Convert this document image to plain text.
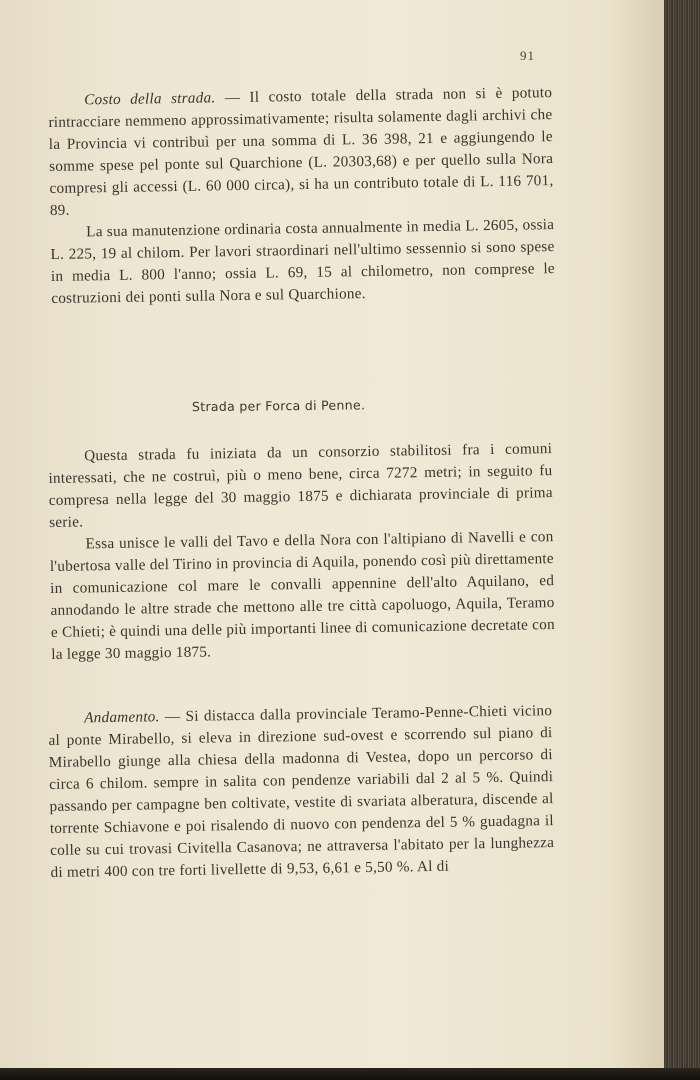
91

Costo della strada. — Il costo totale della strada non si è potuto rintracciare nemmeno approssimativamente; risulta solamente dagli archivi che la Provincia vi contribuì per una somma di L. 36 398, 21 e aggiungendo le somme spese pel ponte sul Quarchione (L. 20303,68) e per quello sulla Nora compresi gli accessi (L. 60 000 circa), si ha un contributo totale di L. 116 701, 89.

La sua manutenzione ordinaria costa annualmente in media L. 2605, ossia L. 225, 19 al chilom. Per lavori straordinari nell'ultimo sessennio si sono spese in media L. 800 l'anno; ossia L. 69, 15 al chilometro, non comprese le costruzioni dei ponti sulla Nora e sul Quarchione.

Strada per Forca di Penne.

Questa strada fu iniziata da un consorzio stabilitosi fra i comuni interessati, che ne costruì, più o meno bene, circa 7272 metri; in seguito fu compresa nella legge del 30 maggio 1875 e dichiarata provinciale di prima serie.

Essa unisce le valli del Tavo e della Nora con l'altipiano di Navelli e con l'ubertosa valle del Tirino in provincia di Aquila, ponendo così più direttamente in comunicazione col mare le convalli appennine dell'alto Aquilano, ed annodando le altre strade che mettono alle tre città capoluogo, Aquila, Teramo e Chieti; è quindi una delle più importanti linee di comunicazione decretate con la legge 30 maggio 1875.

Andamento. — Si distacca dalla provinciale Teramo-Penne-Chieti vicino al ponte Mirabello, si eleva in direzione sud-ovest e scorrendo sul piano di Mirabello giunge alla chiesa della madonna di Vestea, dopo un percorso di circa 6 chilom. sempre in salita con pendenze variabili dal 2 al 5 %. Quindi passando per campagne ben coltivate, vestite di svariata alberatura, discende al torrente Schiavone e poi risalendo di nuovo con pendenza del 5 % guadagna il colle su cui trovasi Civitella Casanova; ne attraversa l'abitato per la lunghezza di metri 400 con tre forti livellette di 9,53, 6,61 e 5,50 %. Al di
